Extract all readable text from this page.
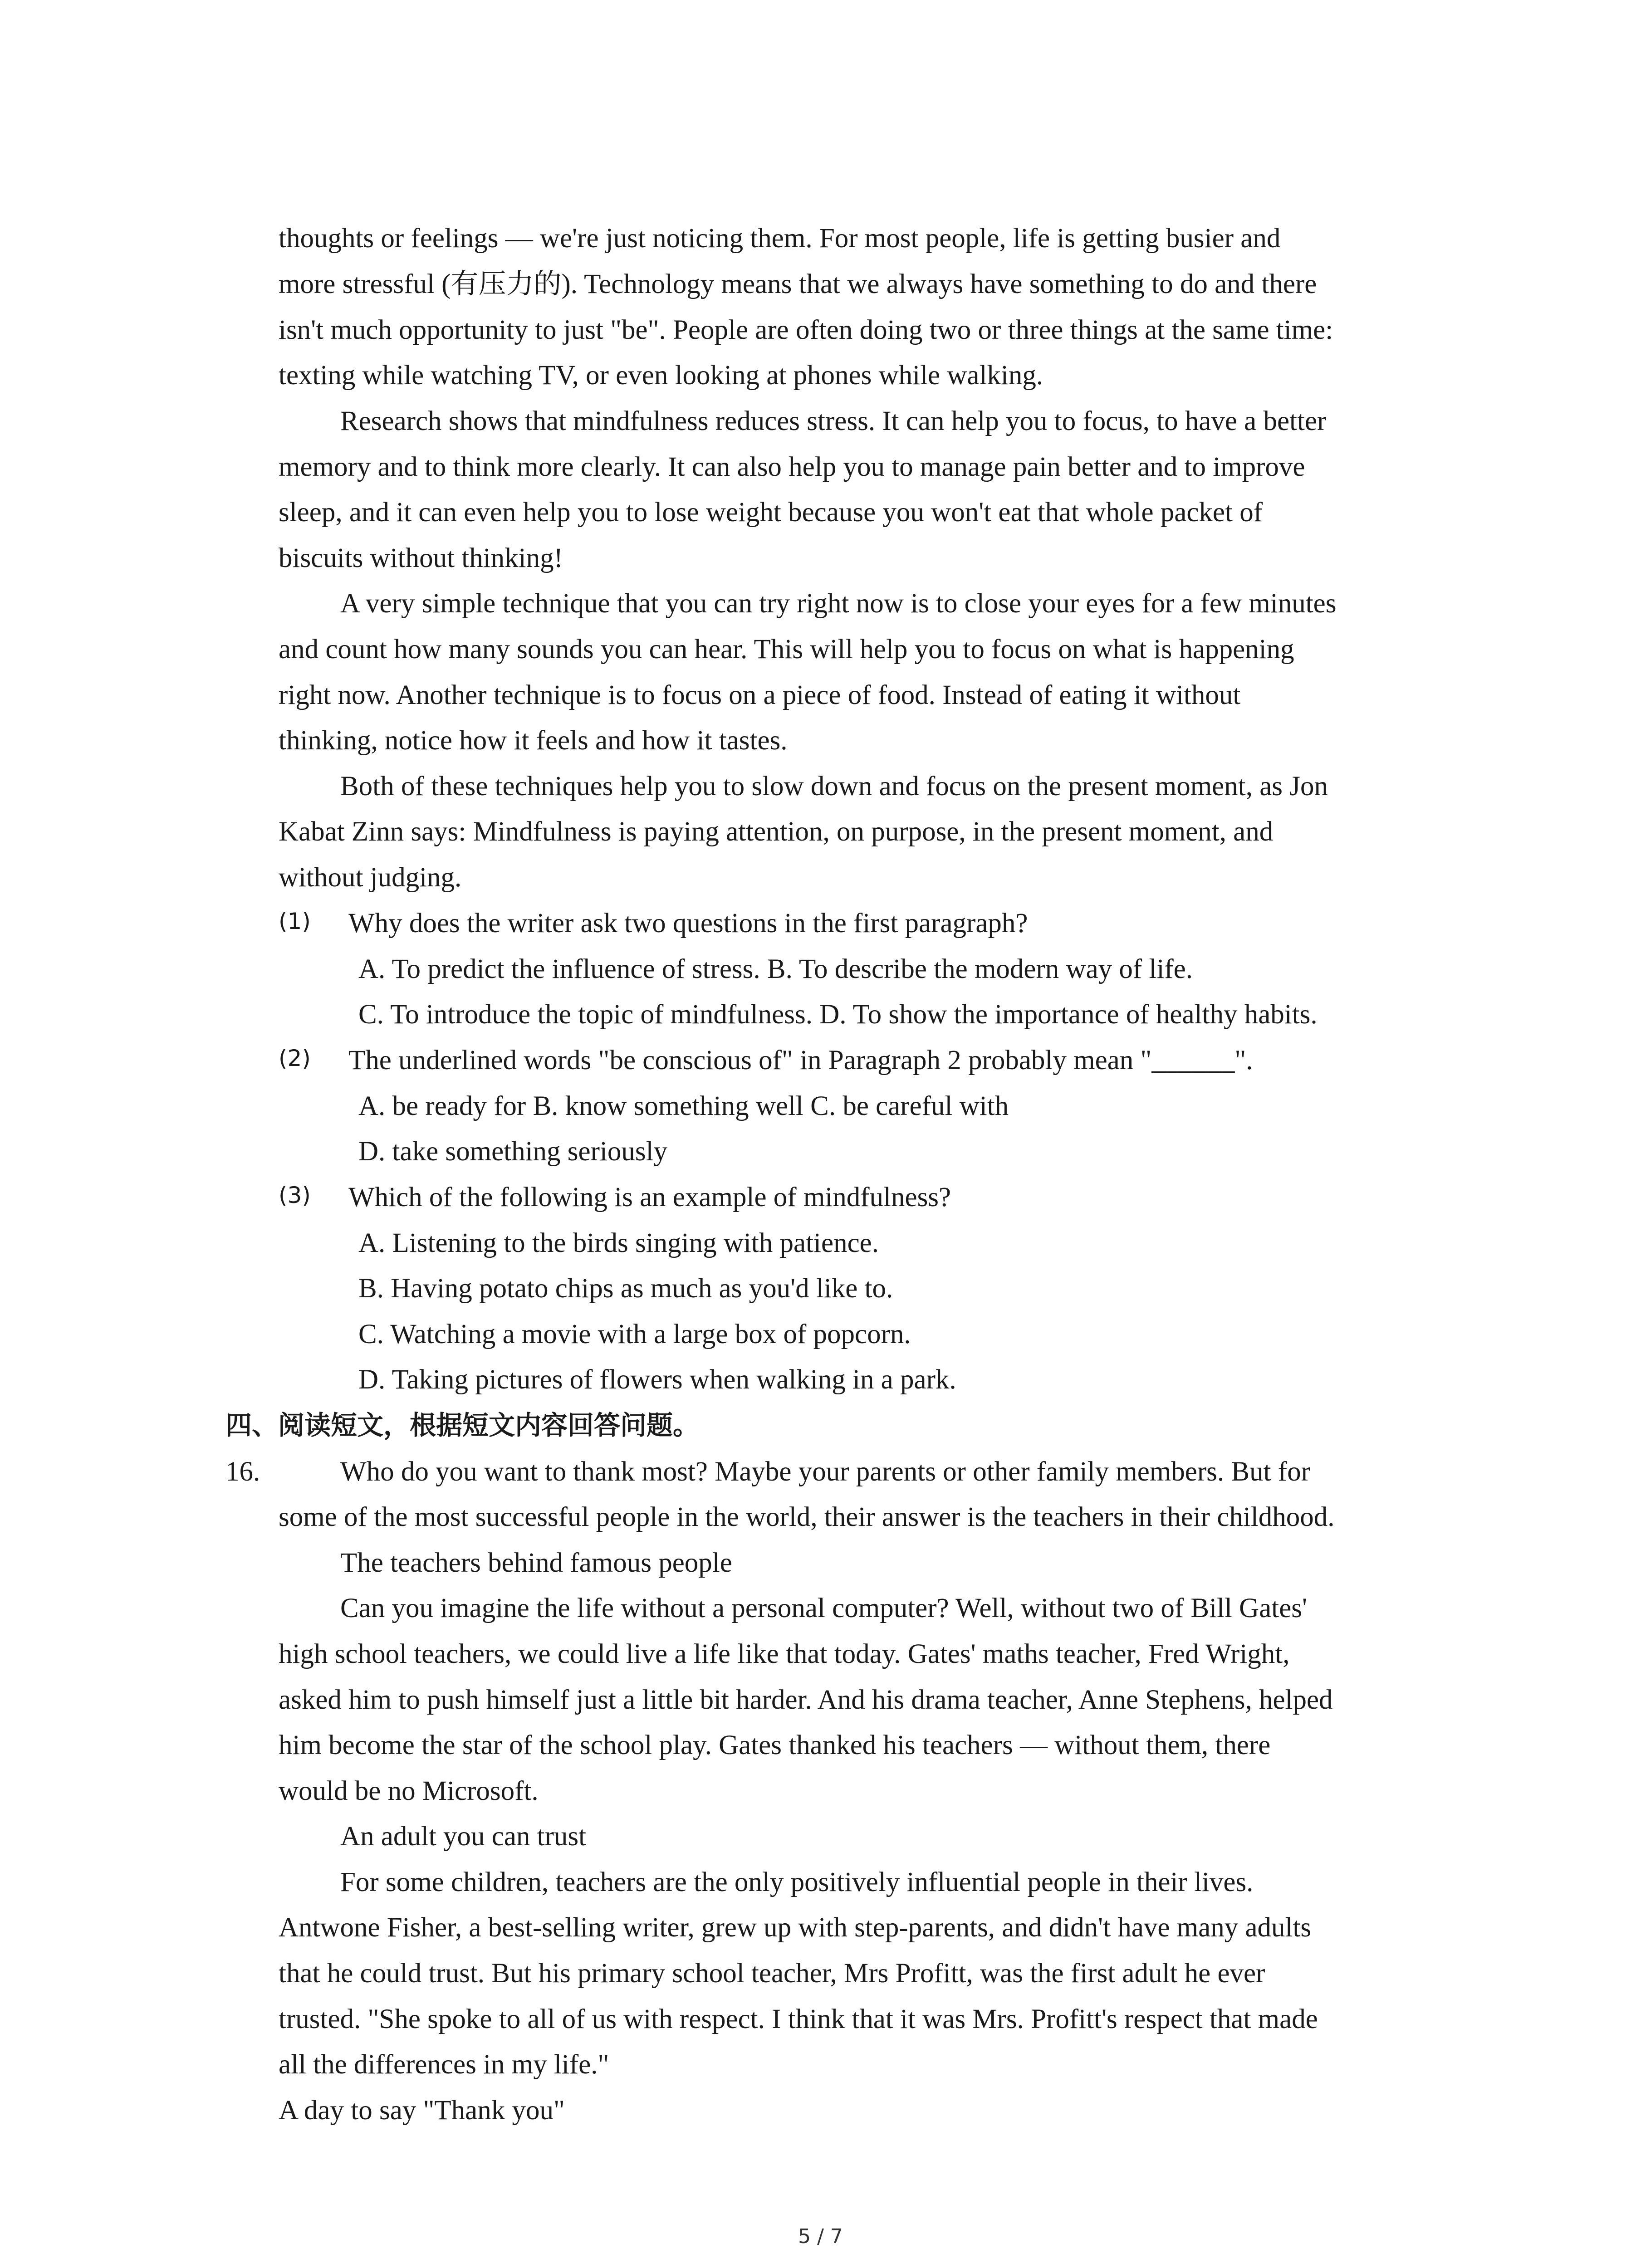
thoughts or feelings — we're just noticing them. For most people, life is getting busier and
more stressful (有压力的). Technology means that we always have something to do and there
isn't much opportunity to just "be". People are often doing two or three things at the same time:
texting while watching TV, or even looking at phones while walking.
Research shows that mindfulness reduces stress. It can help you to focus, to have a better
memory and to think more clearly. It can also help you to manage pain better and to improve
sleep, and it can even help you to lose weight because you won't eat that whole packet of
biscuits without thinking!
A very simple technique that you can try right now is to close your eyes for a few minutes
and count how many sounds you can hear. This will help you to focus on what is happening
right now. Another technique is to focus on a piece of food. Instead of eating it without
thinking, notice how it feels and how it tastes.
Both of these techniques help you to slow down and focus on the present moment, as Jon
Kabat Zinn says: Mindfulness is paying attention, on purpose, in the present moment, and
without judging.
(1) Why does the writer ask two questions in the first paragraph?
A. To predict the influence of stress. B. To describe the modern way of life.
C. To introduce the topic of mindfulness. D. To show the importance of healthy habits.
(2) The underlined words "be conscious of" in Paragraph 2 probably mean "______".
A. be ready for B. know something well C. be careful with
D. take something seriously
(3) Which of the following is an example of mindfulness?
A. Listening to the birds singing with patience.
B. Having potato chips as much as you'd like to.
C. Watching a movie with a large box of popcorn.
D. Taking pictures of flowers when walking in a park.
四、阅读短文，根据短文内容回答问题。
16.	Who do you want to thank most? Maybe your parents or other family members. But for
some of the most successful people in the world, their answer is the teachers in their childhood.
The teachers behind famous people
Can you imagine the life without a personal computer? Well, without two of Bill Gates'
high school teachers, we could live a life like that today. Gates' maths teacher, Fred Wright,
asked him to push himself just a little bit harder. And his drama teacher, Anne Stephens, helped
him become the star of the school play. Gates thanked his teachers — without them, there
would be no Microsoft.
An adult you can trust
For some children, teachers are the only positively influential people in their lives.
Antwone Fisher, a best-selling writer, grew up with step-parents, and didn't have many adults
that he could trust. But his primary school teacher, Mrs Profitt, was the first adult he ever
trusted. "She spoke to all of us with respect. I think that it was Mrs. Profitt's respect that made
all the differences in my life."
A day to say "Thank you"
5 / 7
